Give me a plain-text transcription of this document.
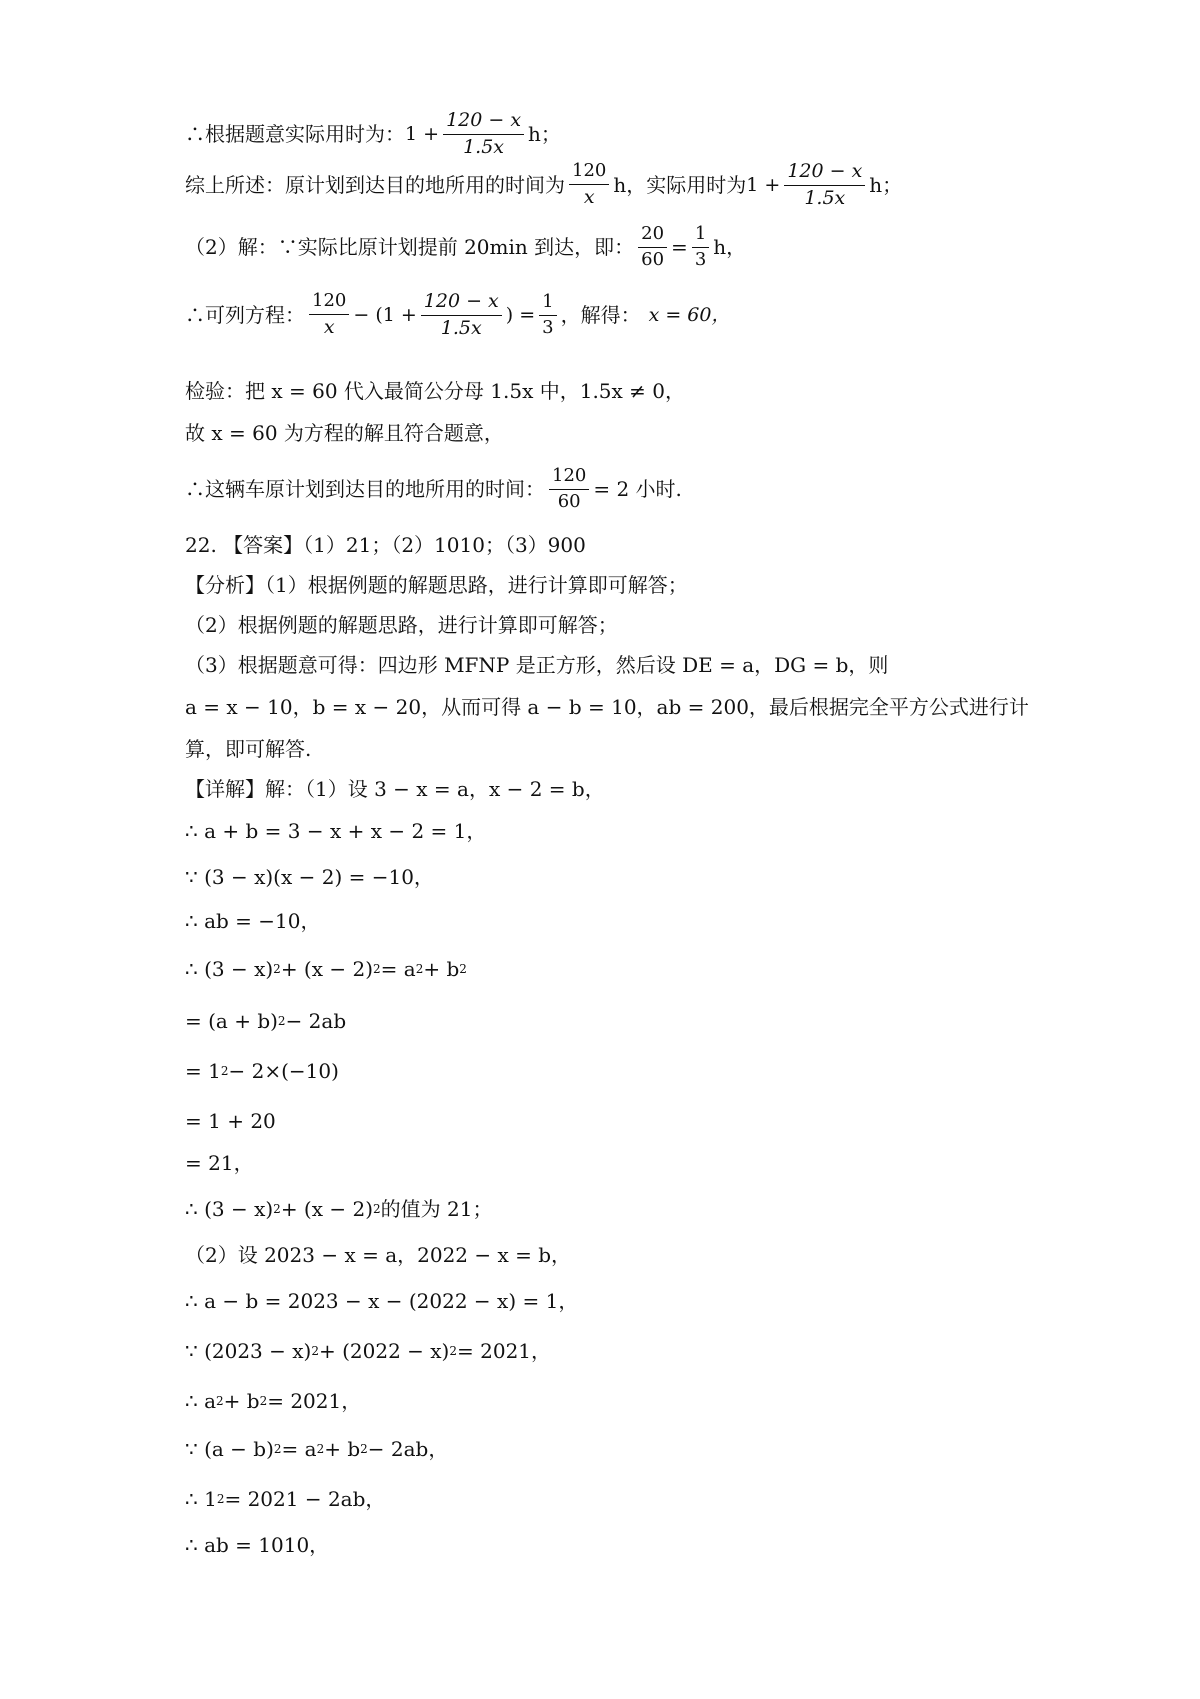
∴根据题意实际用时为： $1 + \frac{120 - x}{1.5x}$ h；
综上所述：原计划到达目的地所用的时间为 $\frac{120}{x}$ h，实际用时为 $1 + \frac{120 - x}{1.5x}$ h；
（2）解：∵实际比原计划提前 20min 到达，即： $\frac{20}{60} = \frac{1}{3}$ h，
∴可列方程： $\frac{120}{x} - (1 + \frac{120 - x}{1.5x}$ ) = $\frac{1}{3}$ ，解得： x = 60，
检验：把 x = 60 代入最简公分母 1.5x 中，1.5x ≠ 0，
故 x = 60 为方程的解且符合题意，
∴这辆车原计划到达目的地所用的时间： $\frac{120}{60} = 2$ 小时.
22. 【答案】（1）21；（2）1010；（3）900
【分析】（1）根据例题的解题思路，进行计算即可解答；
（2）根据例题的解题思路，进行计算即可解答；
（3）根据题意可得：四边形 MFNP 是正方形，然后设 DE = a，DG = b，则
a = x − 10，b = x − 20，从而可得 a − b = 10，ab = 200，最后根据完全平方公式进行计
算，即可解答.
【详解】解：（1）设 3 − x = a，x − 2 = b，
∴ a + b = 3 − x + x − 2 = 1，
∵ (3 − x)(x − 2) = −10，
∴ ab = −10，
∴ (3 − x) 2 + (x − 2) 2 = a 2 + b 2
= (a + b) 2 − 2ab
= 1 2 − 2×(−10)
= 1 + 20
= 21，
∴ (3 − x) 2 + (x − 2) 2 的值为 21；
（2）设 2023 − x = a，2022 − x = b，
∴ a − b = 2023 − x − (2022 − x) = 1，
∵ (2023 − x) 2 + (2022 − x) 2 = 2021，
∴ a 2 + b 2 = 2021，
∵ (a − b) 2 = a 2 + b 2 − 2ab，
∴ 1 2 = 2021 − 2ab，
∴ ab = 1010，
